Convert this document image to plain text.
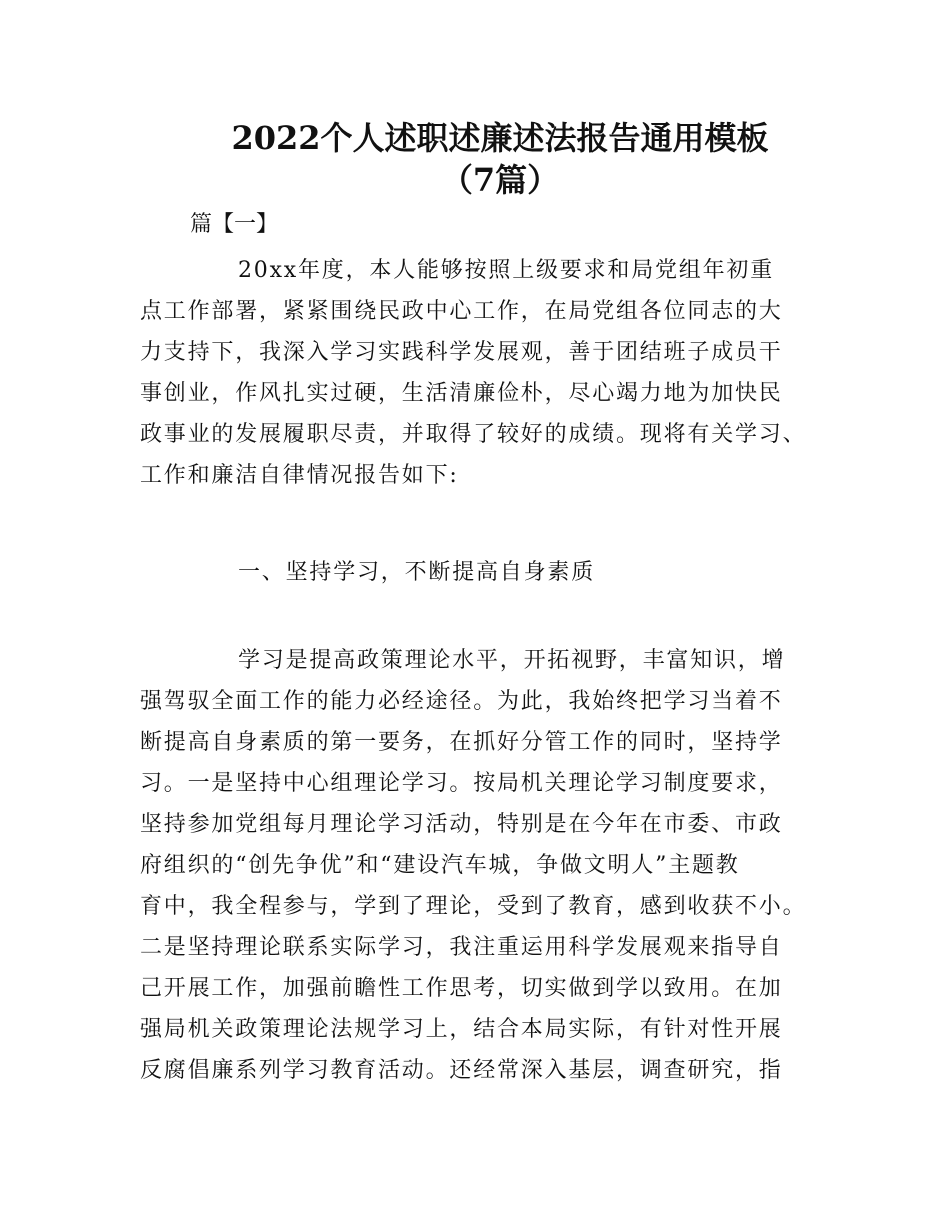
2022个人述职述廉述法报告通用模板
（7篇）
篇【一】
20xx年度，本人能够按照上级要求和局党组年初重
点工作部署，紧紧围绕民政中心工作，在局党组各位同志的大
力支持下，我深入学习实践科学发展观，善于团结班子成员干
事创业，作风扎实过硬，生活清廉俭朴，尽心竭力地为加快民
政事业的发展履职尽责，并取得了较好的成绩。现将有关学习、
工作和廉洁自律情况报告如下:
一、坚持学习，不断提高自身素质
学习是提高政策理论水平，开拓视野，丰富知识，增
强驾驭全面工作的能力必经途径。为此，我始终把学习当着不
断提高自身素质的第一要务，在抓好分管工作的同时，坚持学
习。一是坚持中心组理论学习。按局机关理论学习制度要求，
坚持参加党组每月理论学习活动，特别是在今年在市委、市政
府组织的“创先争优”和“建设汽车城，争做文明人”主题教
育中，我全程参与，学到了理论，受到了教育，感到收获不小。
二是坚持理论联系实际学习，我注重运用科学发展观来指导自
己开展工作，加强前瞻性工作思考，切实做到学以致用。在加
强局机关政策理论法规学习上，结合本局实际，有针对性开展
反腐倡廉系列学习教育活动。还经常深入基层，调查研究，指
